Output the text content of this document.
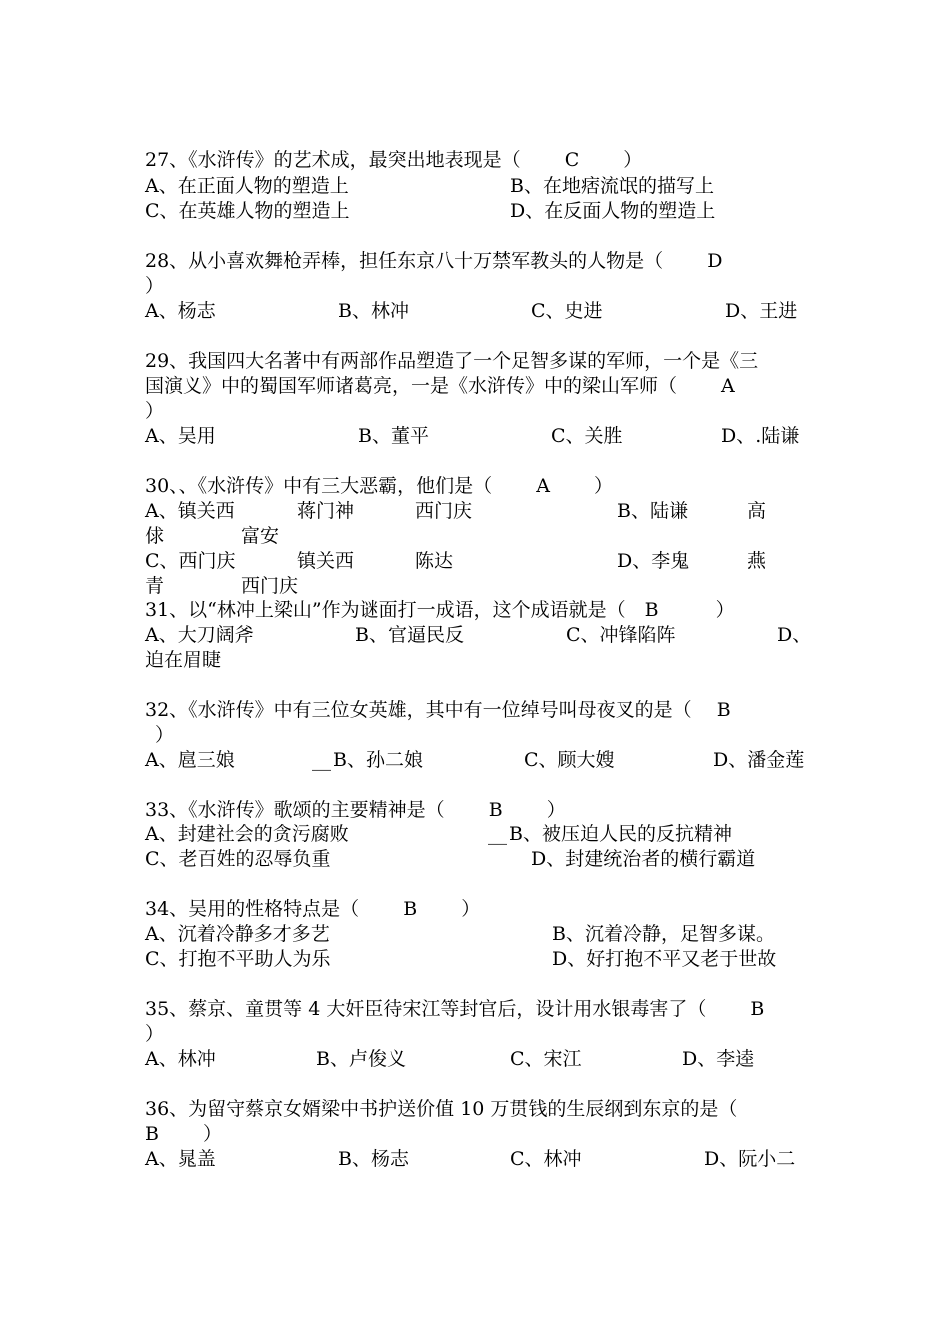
27、《水浒传》的艺术成，最突出地表现是（　　 C　　 ）
A、在正面人物的塑造上	B、在地痞流氓的描写上
C、在英雄人物的塑造上	D、在反面人物的塑造上
28、从小喜欢舞枪弄棒，担任东京八十万禁军教头的人物是（　　 D
）
A、杨志	B、林冲	C、史进	D、王进
29、我国四大名著中有两部作品塑造了一个足智多谋的军师，一个是《三
国演义》中的蜀国军师诸葛亮，一是《水浒传》中的梁山军师（　　 A
）
A、吴用	B、董平	C、关胜	D、.陆谦
30、、《水浒传》中有三大恶霸，他们是（　　 A　　 ）
A、镇关西	蒋门神	西门庆	B、陆谦	高
俅	富安
C、西门庆	镇关西	陈达	D、李鬼	燕
青	西门庆
31、以“林冲上梁山”作为谜面打一成语，这个成语就是（　B　　　）
A、大刀阔斧	B、官逼民反	C、冲锋陷阵	D、
迫在眉睫
32、《水浒传》中有三位女英雄，其中有一位绰号叫母夜叉的是（　 B
）
A、扈三娘	__ B、孙二娘	C、顾大嫂	D、潘金莲
33、《水浒传》歌颂的主要精神是（　　 B　　 ）
A、封建社会的贪污腐败	__ B、被压迫人民的反抗精神
C、老百姓的忍辱负重	D、封建统治者的横行霸道
34、吴用的性格特点是（　　 B　　 ）
A、沉着冷静多才多艺	B、沉着冷静，足智多谋。
C、打抱不平助人为乐	D、好打抱不平又老于世故
35、蔡京、童贯等 4 大奸臣待宋江等封官后，设计用水银毒害了（　　 B
）
A、林冲	B、卢俊义	C、宋江	D、李逵
36、为留守蔡京女婿梁中书护送价值 10 万贯钱的生辰纲到东京的是（
B　　 ）
A、晁盖	B、杨志	C、林冲	D、阮小二
